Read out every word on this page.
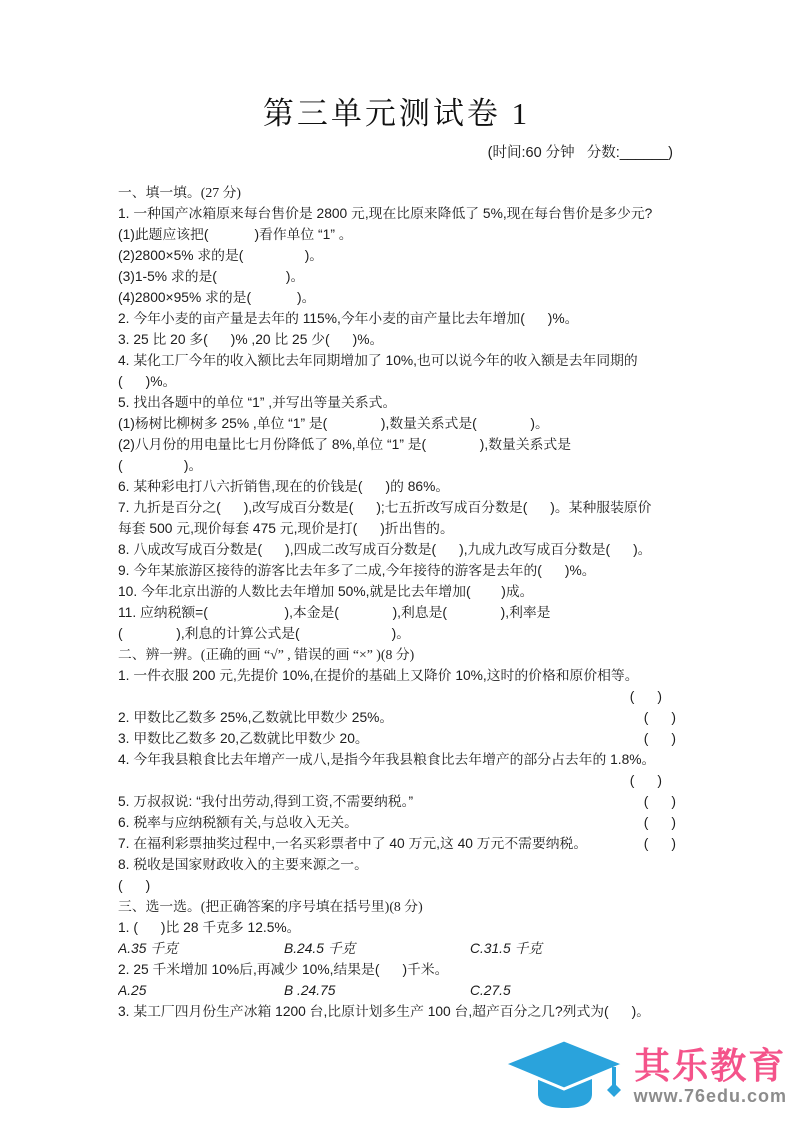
第三单元测试卷 1
(时间:60 分钟   分数:______)
一、填一填。(27 分)
1. 一种国产冰箱原来每台售价是 2800 元,现在比原来降低了 5%,现在每台售价是多少元?
(1)此题应该把(            )看作单位 “1” 。
(2)2800×5% 求的是(                )。
(3)1-5% 求的是(                  )。
(4)2800×95% 求的是(            )。
2. 今年小麦的亩产量是去年的 115%,今年小麦的亩产量比去年增加(      )%。
3. 25 比 20 多(      )% ,20 比 25 少(      )%。
4. 某化工厂今年的收入额比去年同期增加了 10%,也可以说今年的收入额是去年同期的
(      )%。
5. 找出各题中的单位 “1” ,并写出等量关系式。
(1)杨树比柳树多 25% ,单位 “1” 是(              ),数量关系式是(              )。
(2)八月份的用电量比七月份降低了 8%,单位 “1” 是(              ),数量关系式是
(                )。
6. 某种彩电打八六折销售,现在的价钱是(      )的 86%。
7. 九折是百分之(      ),改写成百分数是(      );七五折改写成百分数是(      )。某种服装原价
每套 500 元,现价每套 475 元,现价是打(      )折出售的。
8. 八成改写成百分数是(      ),四成二改写成百分数是(      ),九成九改写成百分数是(      )。
9. 今年某旅游区接待的游客比去年多了二成,今年接待的游客是去年的(      )%。
10. 今年北京出游的人数比去年增加 50%,就是比去年增加(        )成。
11. 应纳税额=(                    ),本金是(              ),利息是(              ),利率是
(              ),利息的计算公式是(                        )。
二、辨一辨。(正确的画 “√” , 错误的画 “×” )(8 分)
1. 一件衣服 200 元,先提价 10%,在提价的基础上又降价 10%,这时的价格和原价相等。
(      )
2. 甲数比乙数多 25%,乙数就比甲数少 25%。	(      )
3. 甲数比乙数多 20,乙数就比甲数少 20。	(      )
4. 今年我县粮食比去年增产一成八,是指今年我县粮食比去年增产的部分占去年的 1.8%。
(      )
5. 万叔叔说: “我付出劳动,得到工资,不需要纳税。”	(      )
6. 税率与应纳税额有关,与总收入无关。	(      )
7. 在福利彩票抽奖过程中,一名买彩票者中了 40 万元,这 40 万元不需要纳税。	(      )
8. 税收是国家财政收入的主要来源之一。
(      )
三、选一选。(把正确答案的序号填在括号里)(8 分)
1. (      )比 28 千克多 12.5%。
A.35 千克	B.24.5 千克	C.31.5 千克
2. 25 千米增加 10%后,再减少 10%,结果是(      )千米。
A.25	B .24.75	C.27.5
3. 某工厂四月份生产冰箱 1200 台,比原计划多生产 100 台,超产百分之几?列式为(      )。
其乐教育
www.76edu.com
